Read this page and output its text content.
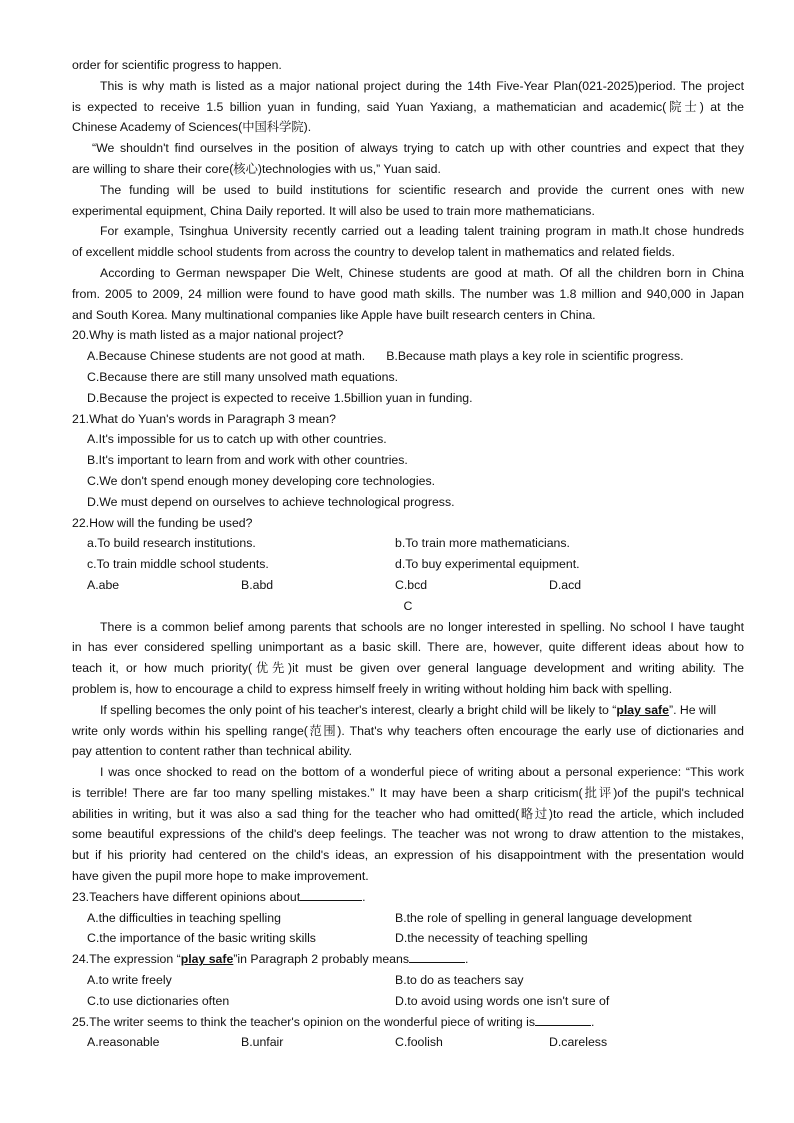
order for scientific progress to happen.
This is why math is listed as a major national project during the 14th Five-Year Plan(021-2025)period. The project
is expected to receive 1.5 billion yuan in funding, said Yuan Yaxiang, a mathematician and academic(院士) at the
Chinese Academy of Sciences(中国科学院).
“We shouldn't find ourselves in the position of always trying to catch up with other countries and expect that they
are willing to share their core(核心)technologies with us,” Yuan said.
The funding will be used to build institutions for scientific research and provide the current ones with new
experimental equipment, China Daily reported. It will also be used to train more mathematicians.
For example, Tsinghua University recently carried out a leading talent training program in math.It chose hundreds
of excellent middle school students from across the country to develop talent in mathematics and related fields.
According to German newspaper Die Welt, Chinese students are good at math. Of all the children born in China
from. 2005 to 2009, 24 million were found to have good math skills. The number was 1.8 million and 940,000 in Japan
and South Korea. Many multinational companies like Apple have built research centers in China.
20.Why is math listed as a major national project?
A.Because Chinese students are not good at math. B.Because math plays a key role in scientific progress.
C.Because there are still many unsolved math equations.
D.Because the project is expected to receive 1.5billion yuan in funding.
21.What do Yuan's words in Paragraph 3 mean?
A.It's impossible for us to catch up with other countries.
B.It's important to learn from and work with other countries.
C.We don't spend enough money developing core technologies.
D.We must depend on ourselves to achieve technological progress.
22.How will the funding be used?
a.To build research institutions.	b.To train more mathematicians.
c.To train middle school students.	d.To buy experimental equipment.
A.abe	B.abd	C.bcd	D.acd
C
There is a common belief among parents that schools are no longer interested in spelling. No school I have taught
in has ever considered spelling unimportant as a basic skill. There are, however, quite different ideas about how to
teach it, or how much priority(优先)it must be given over general language development and writing ability. The
problem is, how to encourage a child to express himself freely in writing without holding him back with spelling.
If spelling becomes the only point of his teacher's interest, clearly a bright child will be likely to “play safe”. He will
write only words within his spelling range(范围). That's why teachers often encourage the early use of dictionaries and
pay attention to content rather than technical ability.
I was once shocked to read on the bottom of a wonderful piece of writing about a personal experience: “This work
is terrible! There are far too many spelling mistakes.” It may have been a sharp criticism(批评)of the pupil's technical
abilities in writing, but it was also a sad thing for the teacher who had omitted(略过)to read the article, which included
some beautiful expressions of the child's deep feelings. The teacher was not wrong to draw attention to the mistakes,
but if his priority had centered on the child's ideas, an expression of his disappointment with the presentation would
have given the pupil more hope to make improvement.
23.Teachers have different opinions about	.
A.the difficulties in teaching spelling	B.the role of spelling in general language development
C.the importance of the basic writing skills	D.the necessity of teaching spelling
24.The expression “play safe”in Paragraph 2 probably means	.
A.to write freely	B.to do as teachers say
C.to use dictionaries often	D.to avoid using words one isn't sure of
25.The writer seems to think the teacher's opinion on the wonderful piece of writing is	.
A.reasonable	B.unfair	C.foolish	D.careless
